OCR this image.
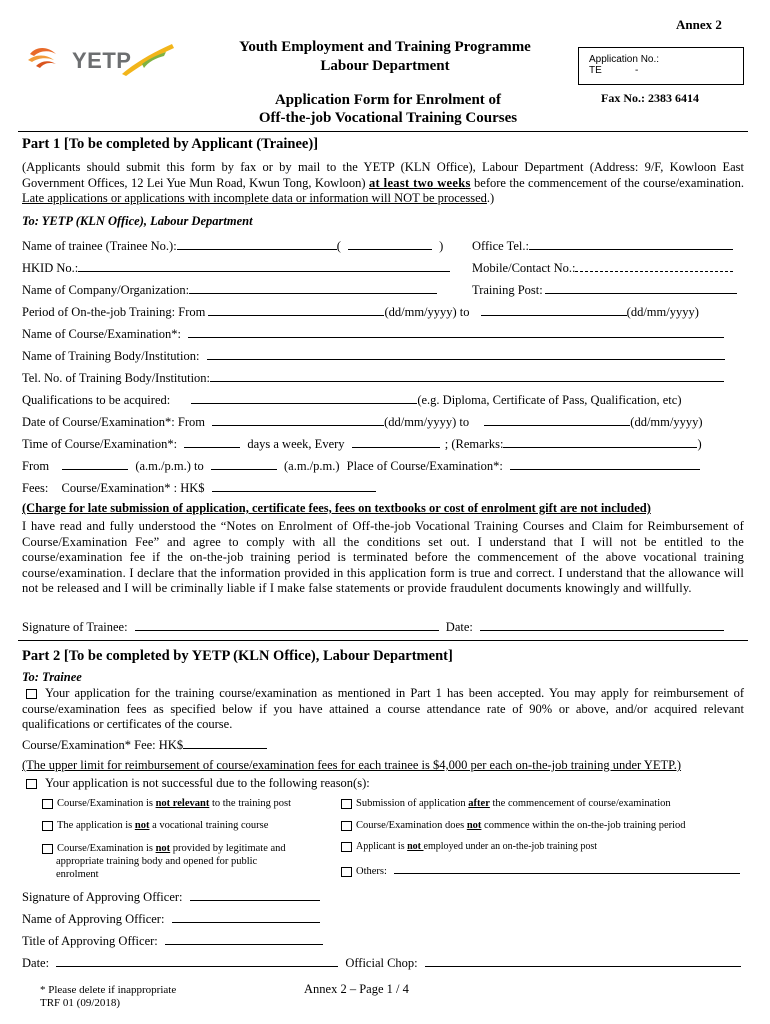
Annex 2
YETP
Youth Employment and Training Programme
Labour Department	Application No.:
TE	-
Application Form for Enrolment of
Off-the-job Vocational Training Courses
Fax No.: 2383 6414
Part 1 [To be completed by Applicant (Trainee)]
(Applicants should submit this form by fax or by mail to the YETP (KLN Office), Labour Department (Address: 9/F, Kowloon East Government Offices, 12 Lei Yue Mun Road, Kwun Tong, Kowloon) at least two weeks before the commencement of the course/examination. Late applications or applications with incomplete data or information will NOT be processed.)
To: YETP (KLN Office), Labour Department
Name of trainee (Trainee No.):	(	) Office Tel.:
HKID No.:	Mobile/Contact No.:
Name of Company/Organization:	Training Post:
Period of On-the-job Training: From	(dd/mm/yyyy) to	(dd/mm/yyyy)
Name of Course/Examination*:
Name of Training Body/Institution:
Tel. No. of Training Body/Institution:
Qualifications to be acquired:	(e.g. Diploma, Certificate of Pass, Qualification, etc)
Date of Course/Examination*: From	(dd/mm/yyyy) to	(dd/mm/yyyy)
Time of Course/Examination*:	days a week, Every	; (Remarks:	)
From	(a.m./p.m.) to	(a.m./p.m.) Place of Course/Examination*:
Fees: Course/Examination* : HK$
(Charge for late submission of application, certificate fees, fees on textbooks or cost of enrolment gift are not included)
I have read and fully understood the “Notes on Enrolment of Off-the-job Vocational Training Courses and Claim for Reimbursement of Course/Examination Fee” and agree to comply with all the conditions set out. I understand that I will not be entitled to the course/examination fee if the on-the-job training period is terminated before the commencement of the above vocational training course/examination. I declare that the information provided in this application form is true and correct. I understand that the allowance will not be released and I will be criminally liable if I make false statements or provide fraudulent documents knowingly and willfully.
Signature of Trainee:	Date:
Part 2 [To be completed by YETP (KLN Office), Labour Department]
To: Trainee
Your application for the training course/examination as mentioned in Part 1 has been accepted. You may apply for reimbursement of course/examination fees as specified below if you have attained a course attendance rate of 90% or above, and/or acquired relevant qualifications or certificates of the course.
Course/Examination* Fee: HK$
(The upper limit for reimbursement of course/examination fees for each trainee is $4,000 per each on-the-job training under YETP.)
Your application is not successful due to the following reason(s):
Course/Examination is not relevant to the training post	Submission of application after the commencement of course/examination
The application is not a vocational training course	Course/Examination does not commence within the on-the-job training period
Course/Examination is not provided by legitimate and
appropriate training body and opened for public
enrolment
Applicant is not employed under an on-the-job training post
Others:
Signature of Approving Officer:
Name of Approving Officer:
Title of Approving Officer:
Date:	Official Chop:
* Please delete if inappropriate	Annex 2 – Page 1 / 4
TRF 01 (09/2018)
